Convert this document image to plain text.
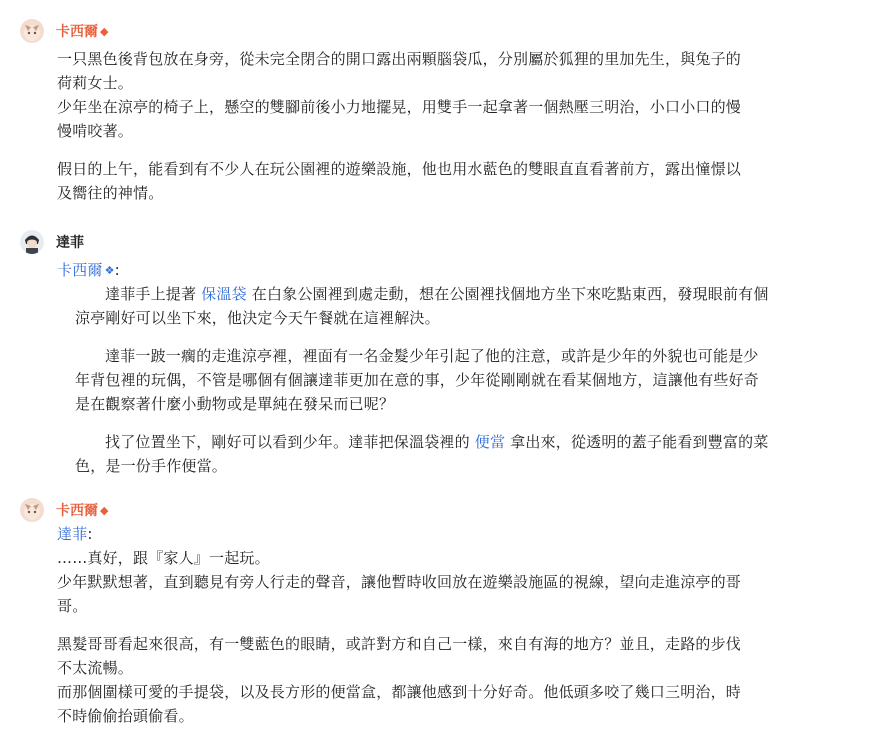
卡西爾 ◆
一只黑色後背包放在身旁，從未完全閉合的開口露出兩顆腦袋瓜，分別屬於狐狸的里加先生，與兔子的
荷莉女士。
少年坐在涼亭的椅子上，懸空的雙腳前後小力地擺晃，用雙手一起拿著一個熱壓三明治，小口小口的慢
慢啃咬著。
假日的上午，能看到有不少人在玩公園裡的遊樂設施，他也用水藍色的雙眼直直看著前方，露出憧憬以
及嚮往的神情。
達菲
卡西爾 ❖:
達菲手上提著 保溫袋 在白象公園裡到處走動，想在公園裡找個地方坐下來吃點東西，發現眼前有個
涼亭剛好可以坐下來，他決定今天午餐就在這裡解決。
達菲一跛一瘸的走進涼亭裡，裡面有一名金髮少年引起了他的注意，或許是少年的外貌也可能是少
年背包裡的玩偶，不管是哪個有個讓達菲更加在意的事，少年從剛剛就在看某個地方，這讓他有些好奇
是在觀察著什麼小動物或是單純在發呆而已呢？
找了位置坐下，剛好可以看到少年。達菲把保溫袋裡的 便當 拿出來，從透明的蓋子能看到豐富的菜
色，是一份手作便當。
卡西爾 ◆
達菲:
……真好，跟『家人』一起玩。
少年默默想著，直到聽見有旁人行走的聲音，讓他暫時收回放在遊樂設施區的視線，望向走進涼亭的哥
哥。
黑髮哥哥看起來很高，有一雙藍色的眼睛，或許對方和自己一樣，來自有海的地方？並且，走路的步伐
不太流暢。
而那個圍樣可愛的手提袋，以及長方形的便當盒，都讓他感到十分好奇。他低頭多咬了幾口三明治，時
不時偷偷抬頭偷看。
